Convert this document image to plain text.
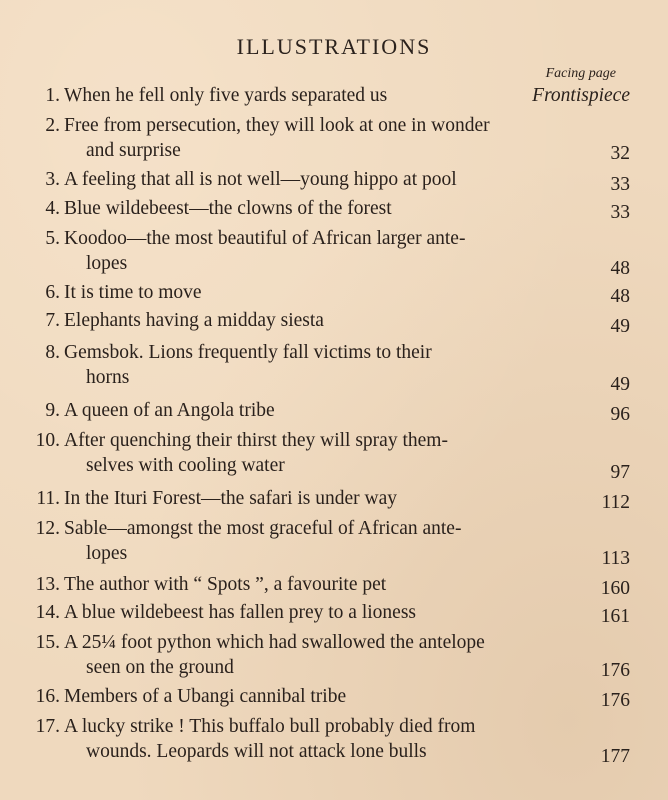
ILLUSTRATIONS
Facing page
1. When he fell only five yards separated us	Frontispiece
2. Free from persecution, they will look at one in wonder
and surprise	32
3. A feeling that all is not well—young hippo at pool	33
4. Blue wildebeest—the clowns of the forest	33
5. Koodoo—the most beautiful of African larger ante-
lopes	48
6. It is time to move	48
7. Elephants having a midday siesta	49
8. Gemsbok. Lions frequently fall victims to their
horns	49
9. A queen of an Angola tribe	96
10. After quenching their thirst they will spray them-
selves with cooling water	97
11. In the Ituri Forest—the safari is under way	112
12. Sable—amongst the most graceful of African ante-
lopes	113
13. The author with “ Spots ”, a favourite pet	160
14. A blue wildebeest has fallen prey to a lioness	161
15. A 25¼ foot python which had swallowed the antelope
seen on the ground	176
16. Members of a Ubangi cannibal tribe	176
17. A lucky strike ! This buffalo bull probably died from
wounds. Leopards will not attack lone bulls	177
